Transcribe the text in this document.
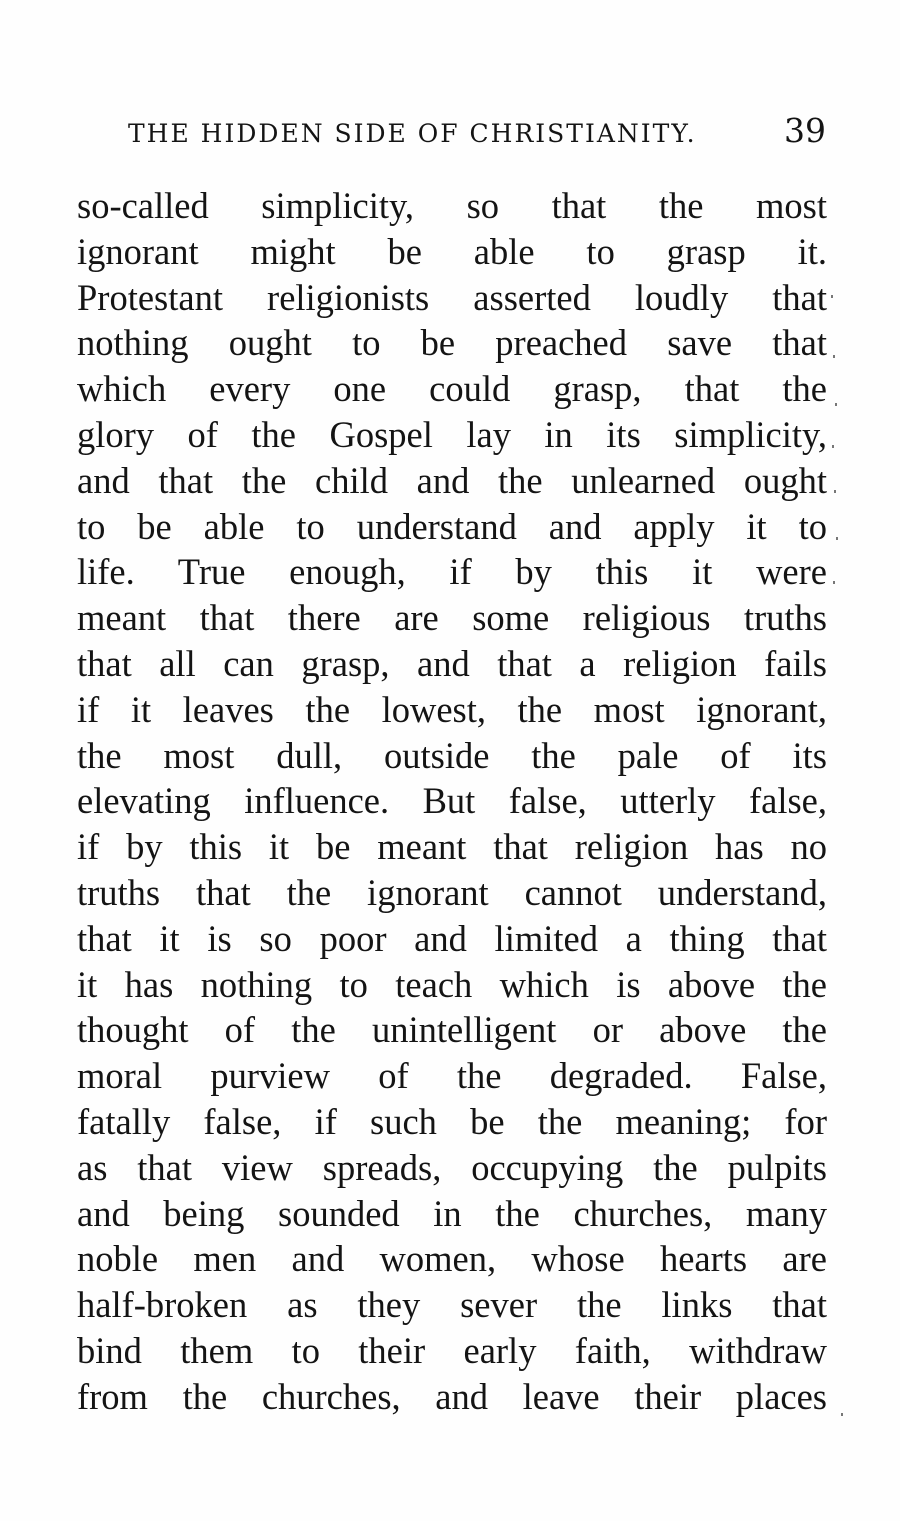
THE HIDDEN SIDE OF CHRISTIANITY.	39
so-called simplicity, so that the most
ignorant might be able to grasp it.
Protestant religionists asserted loudly that
nothing ought to be preached save that
which every one could grasp, that the
glory of the Gospel lay in its simplicity,
and that the child and the unlearned ought
to be able to understand and apply it to
life. True enough, if by this it were
meant that there are some religious truths
that all can grasp, and that a religion fails
if it leaves the lowest, the most ignorant,
the most dull, outside the pale of its
elevating influence. But false, utterly false,
if by this it be meant that religion has no
truths that the ignorant cannot understand,
that it is so poor and limited a thing that
it has nothing to teach which is above the
thought of the unintelligent or above the
moral purview of the degraded. False,
fatally false, if such be the meaning; for
as that view spreads, occupying the pulpits
and being sounded in the churches, many
noble men and women, whose hearts are
half-broken as they sever the links that
bind them to their early faith, withdraw
from the churches, and leave their places
